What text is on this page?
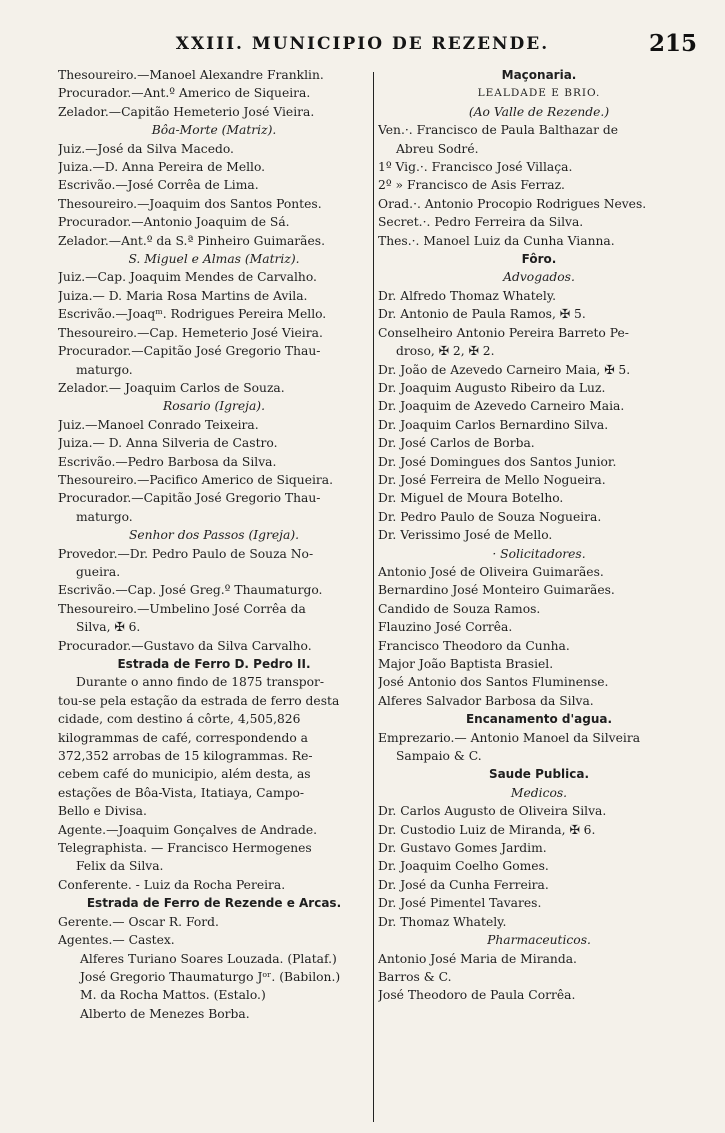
XXIII. MUNICIPIO DE REZENDE.	215
Thesoureiro.—Manoel Alexandre Franklin.
Procurador.—Ant.º Americo de Siqueira.
Zelador.—Capitão Hemeterio José Vieira.
Bôa-Morte (Matriz).
Juiz.—José da Silva Macedo.
Juiza.—D. Anna Pereira de Mello.
Escrivão.—José Corrêa de Lima.
Thesoureiro.—Joaquim dos Santos Pontes.
Procurador.—Antonio Joaquim de Sá.
Zelador.—Ant.º da S.ª Pinheiro Guimarães.
S. Miguel e Almas (Matriz).
Juiz.—Cap. Joaquim Mendes de Carvalho.
Juiza.— D. Maria Rosa Martins de Avila.
Escrivão.—Joaqᵐ. Rodrigues Pereira Mello.
Thesoureiro.—Cap. Hemeterio José Vieira.
Procurador.—Capitão José Gregorio Thau-
maturgo.
Zelador.— Joaquim Carlos de Souza.
Rosario (Igreja).
Juiz.—Manoel Conrado Teixeira.
Juiza.— D. Anna Silveria de Castro.
Escrivão.—Pedro Barbosa da Silva.
Thesoureiro.—Pacifico Americo de Siqueira.
Procurador.—Capitão José Gregorio Thau-
maturgo.
Senhor dos Passos (Igreja).
Provedor.—Dr. Pedro Paulo de Souza No-
gueira.
Escrivão.—Cap. José Greg.º Thaumaturgo.
Thesoureiro.—Umbelino José Corrêa da
Silva, ✠ 6.
Procurador.—Gustavo da Silva Carvalho.
Estrada de Ferro D. Pedro II.
Durante o anno findo de 1875 transpor-
tou-se pela estação da estrada de ferro desta
cidade, com destino á côrte, 4,505,826
kilogrammas de café, correspondendo a
372,352 arrobas de 15 kilogrammas. Re-
cebem café do municipio, além desta, as
estações de Bôa-Vista, Itatiaya, Campo-
Bello e Divisa.
Agente.—Joaquim Gonçalves de Andrade.
Telegraphista. — Francisco Hermogenes
Felix da Silva.
Conferente. - Luiz da Rocha Pereira.
Estrada de Ferro de Rezende e Arcas.
Gerente.— Oscar R. Ford.
Agentes.— Castex.
Alferes Turiano Soares Louzada. (Plataf.)
José Gregorio Thaumaturgo Jᵒʳ. (Babilon.)
M. da Rocha Mattos. (Estalo.)
Alberto de Menezes Borba.
Maçonaria.
LEALDADE E BRIO.
(Ao Valle de Rezende.)
Ven.·. Francisco de Paula Balthazar de
Abreu Sodré.
1º Vig.·. Francisco José Villaça.
2º » Francisco de Asis Ferraz.
Orad.·. Antonio Procopio Rodrigues Neves.
Secret.·. Pedro Ferreira da Silva.
Thes.·. Manoel Luiz da Cunha Vianna.
Fôro.
Advogados.
Dr. Alfredo Thomaz Whately.
Dr. Antonio de Paula Ramos, ✠ 5.
Conselheiro Antonio Pereira Barreto Pe-
droso, ✠ 2, ✠ 2.
Dr. João de Azevedo Carneiro Maia, ✠ 5.
Dr. Joaquim Augusto Ribeiro da Luz.
Dr. Joaquim de Azevedo Carneiro Maia.
Dr. Joaquim Carlos Bernardino Silva.
Dr. José Carlos de Borba.
Dr. José Domingues dos Santos Junior.
Dr. José Ferreira de Mello Nogueira.
Dr. Miguel de Moura Botelho.
Dr. Pedro Paulo de Souza Nogueira.
Dr. Verissimo José de Mello.
· Solicitadores.
Antonio José de Oliveira Guimarães.
Bernardino José Monteiro Guimarães.
Candido de Souza Ramos.
Flauzino José Corrêa.
Francisco Theodoro da Cunha.
Major João Baptista Brasiel.
José Antonio dos Santos Fluminense.
Alferes Salvador Barbosa da Silva.
Encanamento d'agua.
Emprezario.— Antonio Manoel da Silveira
Sampaio & C.
Saude Publica.
Medicos.
Dr. Carlos Augusto de Oliveira Silva.
Dr. Custodio Luiz de Miranda, ✠ 6.
Dr. Gustavo Gomes Jardim.
Dr. Joaquim Coelho Gomes.
Dr. José da Cunha Ferreira.
Dr. José Pimentel Tavares.
Dr. Thomaz Whately.
Pharmaceuticos.
Antonio José Maria de Miranda.
Barros & C.
José Theodoro de Paula Corrêa.
